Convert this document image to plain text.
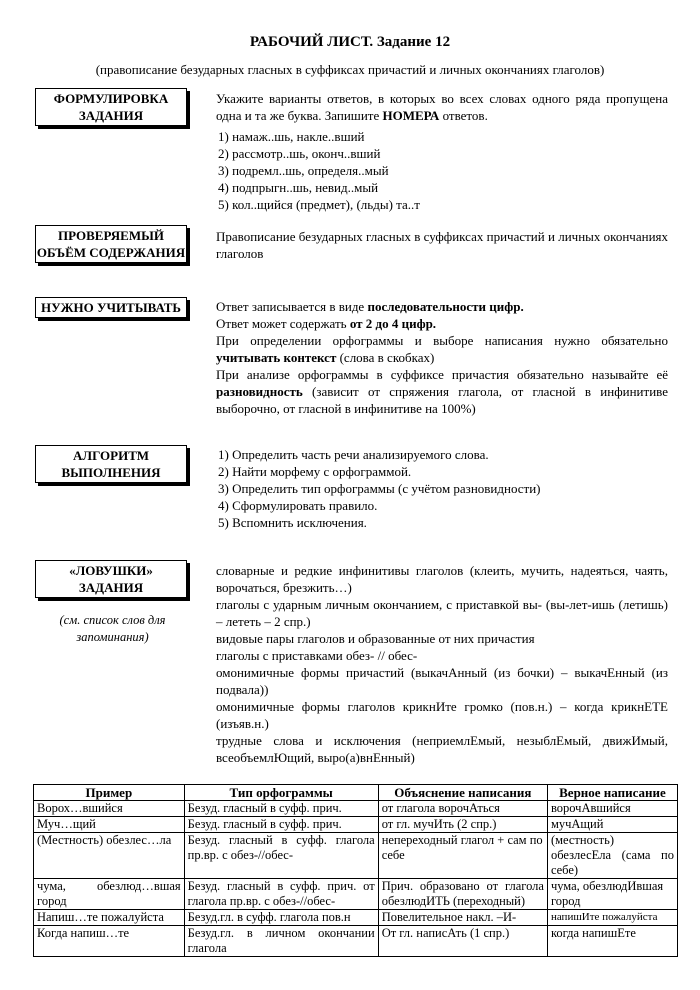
РАБОЧИЙ ЛИСТ. Задание 12
(правописание безударных гласных в суффиксах причастий и личных окончаниях глаголов)
ФОРМУЛИРОВКА ЗАДАНИЯ

Укажите варианты ответов, в которых во всех словах одного ряда пропущена одна и та же буква. Запишите НОМЕРА ответов.

1) намаж..шь, накле..вший
2) рассмотр..шь, оконч..вший
3) подремл..шь, определя..мый
4) подпрыгн..шь, невид..мый
5) кол..щийся (предмет), (льды) та..т
ПРОВЕРЯЕМЫЙ ОБЪЁМ СОДЕРЖАНИЯ

Правописание безударных гласных в суффиксах причастий и личных окончаниях глаголов

НУЖНО УЧИТЫВАТЬ	Ответ записывается в виде последовательности цифр.

Ответ может содержать от 2 до 4 цифр.

При определении орфограммы и выборе написания нужно обязательно учитывать контекст (слова в скобках)

При анализе орфограммы в суффиксе причастия обязательно называйте её разновидность (зависит от спряжения глагола, от гласной в инфинитиве выборочно, от гласной в инфинитиве на 100%)

АЛГОРИТМ ВЫПОЛНЕНИЯ
1) Определить часть речи анализируемого слова.
2) Найти морфему с орфограммой.
3) Определить тип орфограммы (с учётом разновидности)
4) Сформулировать правило.
5) Вспомнить исключения.
«ЛОВУШКИ» ЗАДАНИЯ
(см. список слов для запоминания)

словарные и редкие инфинитивы глаголов (клеить, мучить, надеяться, чаять, ворочаться, брезжить…)

глаголы с ударным личным окончанием, с приставкой вы- (вы-лет-ишь (летишь) – лететь – 2 спр.)

видовые пары глаголов и образованные от них причастия

глаголы с приставками обез- // обес-

омонимичные формы причастий (выкачАнный (из бочки) – выкачЕнный (из подвала))

омонимичные формы глаголов крикнИте громко (пов.н.) – когда крикнЕТЕ (изъяв.н.)

трудные слова и исключения (неприемлЕмый, незыблЕмый, движИмый, всеобъемлЮщий, выро(а)внЕнный)

Пример	Тип орфограммы	Объяснение написания	Верное написание
Ворох…вшийся	Безуд. гласный в суфф. прич.	от глагола ворочАться	ворочАвшийся
Муч…щий	Безуд. гласный в суфф. прич.	от гл. мучИть (2 спр.)	мучАщий
(Местность) обезлес…ла	Безуд. гласный в суфф. глагола пр.вр. с обез-//обес-	непереходный глагол + сам по себе	(местность) обезлесЕла (сама по себе)
чума, обезлюд…вшая город	Безуд. гласный в суфф. прич. от глагола пр.вр. с обез-//обес-	Прич. образовано от глагола обезлюдИТЬ (переходный)	чума, обезлюдИвшая город
Напиш…те пожалуйста	Безуд.гл. в суфф. глагола пов.н	Повелительное накл. –И-	напишИте пожалуйста
Когда напиш…те	Безуд.гл. в личном окончании глагола	От гл. написАть (1 спр.)	когда напишЕте
